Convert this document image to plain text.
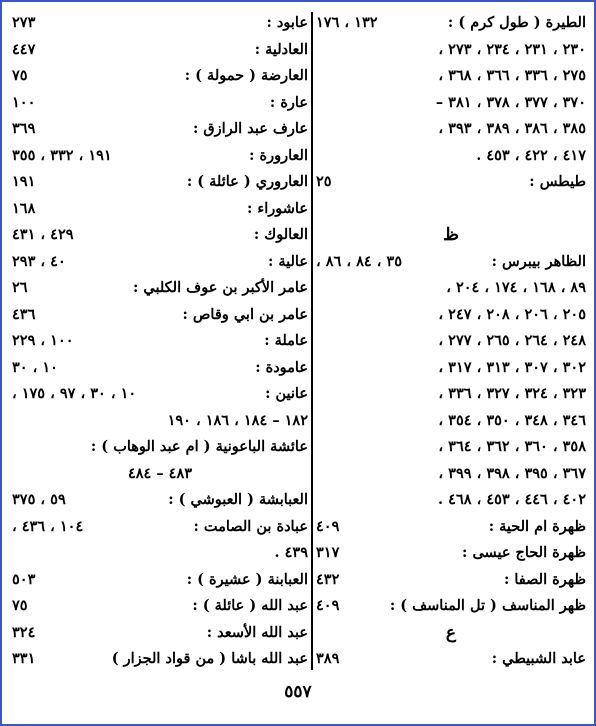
الطيرة ( طول كرم ) :
١٣٢ ، ١٧٦
٢٣٠ ، ٢٣١ ، ٢٣٤ ، ٢٧٣ ،
٢٧٥ ، ٣٣٦ ، ٣٦٦ ، ٣٦٨ ،
٣٧٠ ، ٣٧٧ ، ٣٧٨ ، ٣٨١ –
٣٨٥ ، ٣٨٦ ، ٣٨٩ ، ٣٩٣ ،
٤١٧ ، ٤٢٢ ، ٤٥٣ .
طيطس :
٢٥
ظ
الظاهر بيبرس :
٣٥ ، ٨٤ ، ٨٦ ،
٨٩ ، ١٦٨ ، ١٧٤ ، ٢٠٤ ،
٢٠٥ ، ٢٠٦ ، ٢٠٨ ، ٢٤٧ ،
٢٤٨ ، ٢٦٤ ، ٢٦٥ ، ٢٧٧ ،
٣٠٢ ، ٣٠٧ ، ٣١٣ ، ٣١٧ ،
٣٢٣ ، ٣٢٤ ، ٣٢٧ ، ٣٣٦ ،
٣٤٦ ، ٣٤٨ ، ٣٥٠ ، ٣٥٤ ،
٣٥٨ ، ٣٦٠ ، ٣٦٢ ، ٣٦٤ ،
٣٦٧ ، ٣٩٥ ، ٣٩٨ ، ٣٩٩ ،
٤٠٢ ، ٤٤٦ ، ٤٥٣ ، ٤٦٨ .
ظهرة ام الحية :
٤٠٩
ظهرة الحاج عيسى :
٣١٧
ظهرة الصفا :
٤٣٢
ظهر المناسف ( تل المناسف ) :
٤٠٩
ع
عابد الشبيطي :
٣٨٩
عابود :
٢٧٣
العادلية :
٤٤٧
العارضة ( حمولة ) :
٧٥
عارة :
١٠٠
عارف عبد الرازق :
٣٦٩
العارورة :
١٩١ ، ٣٣٢ ، ٣٥٥
العاروري ( عائلة ) :
١٩١
عاشوراء :
١٦٨
العالوك :
٤٢٩ ، ٤٣١
عالية :
٤٠ ، ٢٩٣
عامر الأكبر بن عوف الكلبي :
٢٦
عامر بن ابي وقاص :
٤٣٦
عاملة :
١٠٠ ، ٢٢٩
عامودة :
١٠ ، ٣٠
عانين :
١٠ ، ٣٠ ، ٩٧ ، ١٧٥ ،
١٨٢ – ١٨٤ ، ١٨٦ ، ١٩٠
عائشة الباعونية ( ام عبد الوهاب ) :
٤٨٣ – ٤٨٤
العبابشة ( العبوشي ) :
٥٩ ، ٣٧٥
عبادة بن الصامت :
١٠٤ ، ٤٣٦ ،
٤٣٩ .
العبابنة ( عشيرة ) :
٥٠٣
عبد الله ( عائلة ) :
٧٥
عبد الله الأسعد :
٣٢٤
عبد الله باشا ( من قواد الجزار )
٣٣١
٥٥٧
